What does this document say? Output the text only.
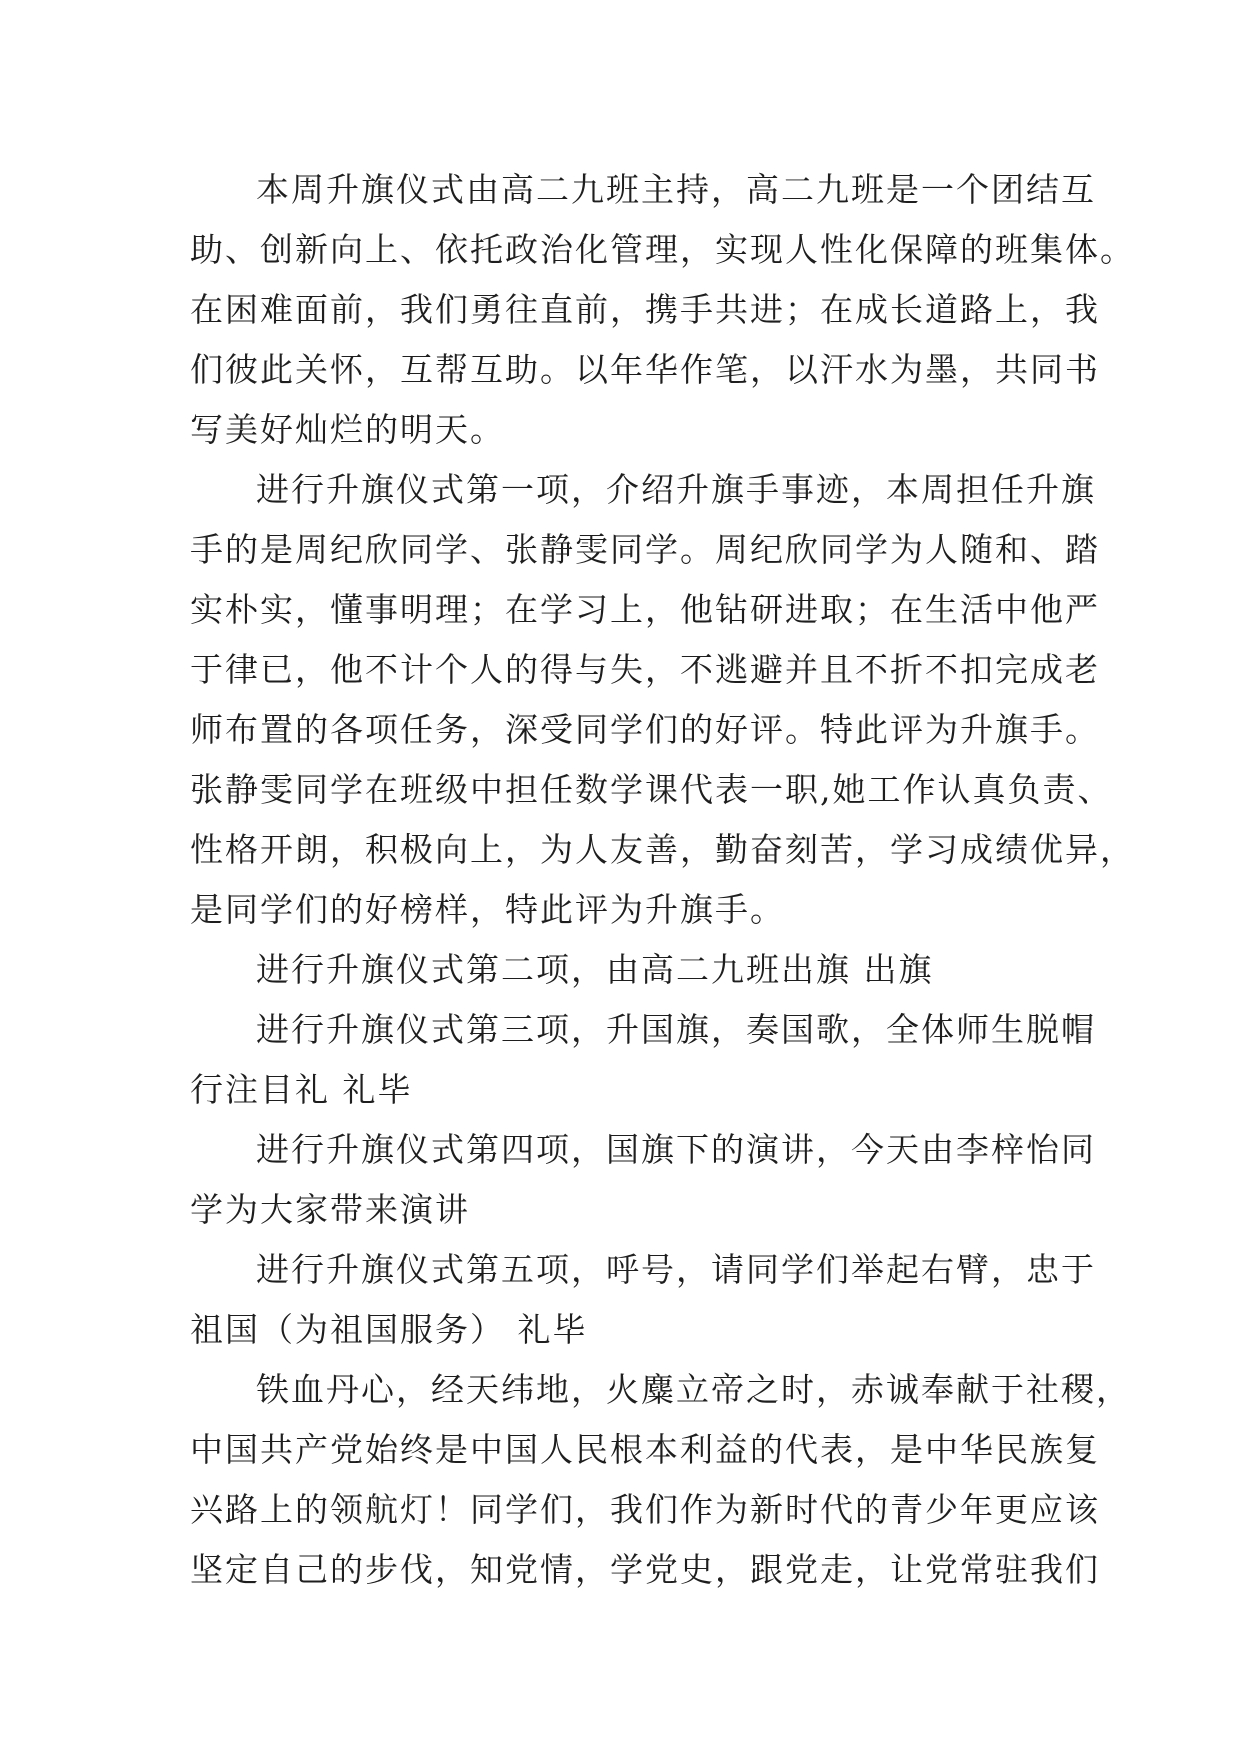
本周升旗仪式由高二九班主持，高二九班是一个团结互
助、创新向上、依托政治化管理，实现人性化保障的班集体。
在困难面前，我们勇往直前，携手共进；在成长道路上，我
们彼此关怀，互帮互助。以年华作笔，以汗水为墨，共同书
写美好灿烂的明天。
进行升旗仪式第一项，介绍升旗手事迹，本周担任升旗
手的是周纪欣同学、张静雯同学。周纪欣同学为人随和、踏
实朴实，懂事明理；在学习上，他钻研进取；在生活中他严
于律已，他不计个人的得与失，不逃避并且不折不扣完成老
师布置的各项任务，深受同学们的好评。特此评为升旗手。
张静雯同学在班级中担任数学课代表一职,她工作认真负责、
性格开朗，积极向上，为人友善，勤奋刻苦，学习成绩优异，
是同学们的好榜样，特此评为升旗手。
进行升旗仪式第二项，由高二九班出旗 出旗
进行升旗仪式第三项，升国旗，奏国歌，全体师生脱帽
行注目礼 礼毕
进行升旗仪式第四项，国旗下的演讲，今天由李梓怡同
学为大家带来演讲
进行升旗仪式第五项，呼号，请同学们举起右臂，忠于
祖国（为祖国服务） 礼毕
铁血丹心，经天纬地，火麋立帝之时，赤诚奉献于社稷，
中国共产党始终是中国人民根本利益的代表，是中华民族复
兴路上的领航灯！同学们，我们作为新时代的青少年更应该
坚定自己的步伐，知党情，学党史，跟党走，让党常驻我们
